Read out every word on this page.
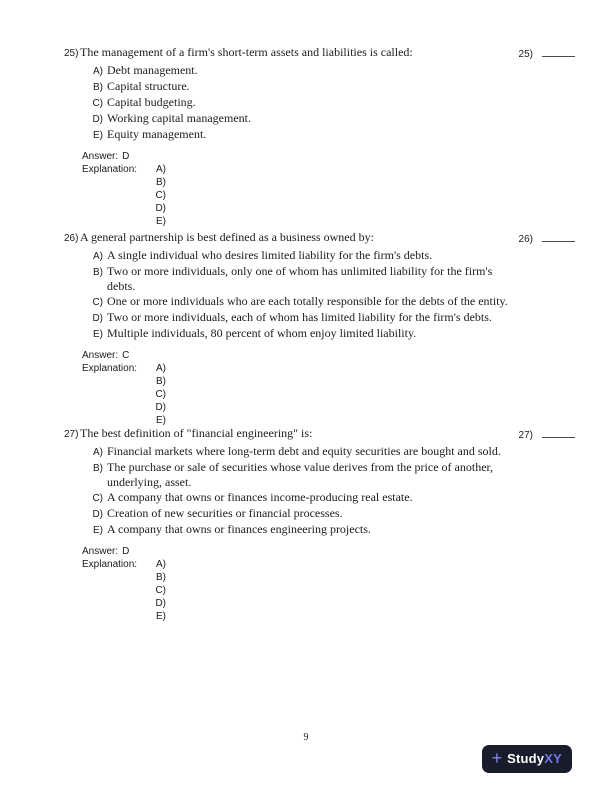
25) The management of a firm's short-term assets and liabilities is called:	25)
A) Debt management.
B) Capital structure.
C) Capital budgeting.
D) Working capital management.
E) Equity management.
Answer: D
Explanation:	A)
B)
C)
D)
E)
26) A general partnership is best defined as a business owned by:	26)
A) A single individual who desires limited liability for the firm's debts.
B) Two or more individuals, only one of whom has unlimited liability for the firm's
debts.
C) One or more individuals who are each totally responsible for the debts of the entity.
D) Two or more individuals, each of whom has limited liability for the firm's debts.
E) Multiple individuals, 80 percent of whom enjoy limited liability.
Answer: C
Explanation:	A)
B)
C)
D)
E)
27) The best definition of "financial engineering" is:	27)
A) Financial markets where long-term debt and equity securities are bought and sold.
B) The purchase or sale of securities whose value derives from the price of another,
underlying, asset.
C) A company that owns or finances income-producing real estate.
D) Creation of new securities or financial processes.
E) A company that owns or finances engineering projects.
Answer: D
Explanation:	A)
B)
C)
D)
E)
9
+ StudyXY
